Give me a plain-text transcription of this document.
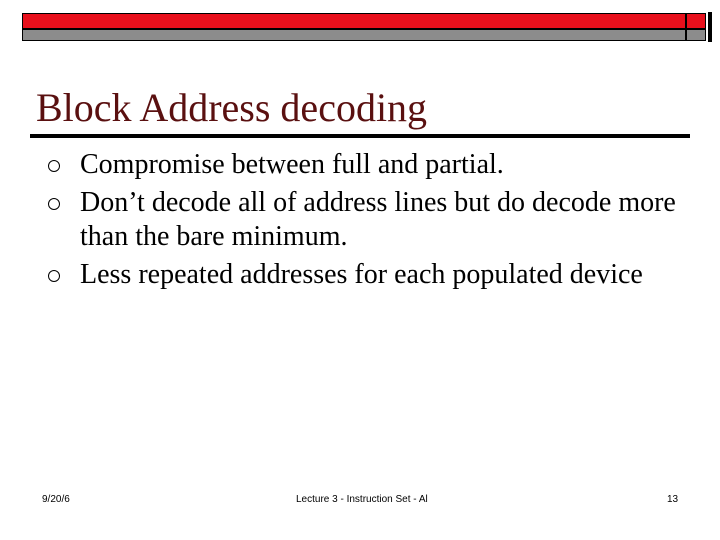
Block Address decoding
Compromise between full and partial.
Don’t decode all of address lines but do decode more than the bare minimum.
Less repeated addresses for each populated device
9/20/6	Lecture 3 - Instruction Set - Al	13
